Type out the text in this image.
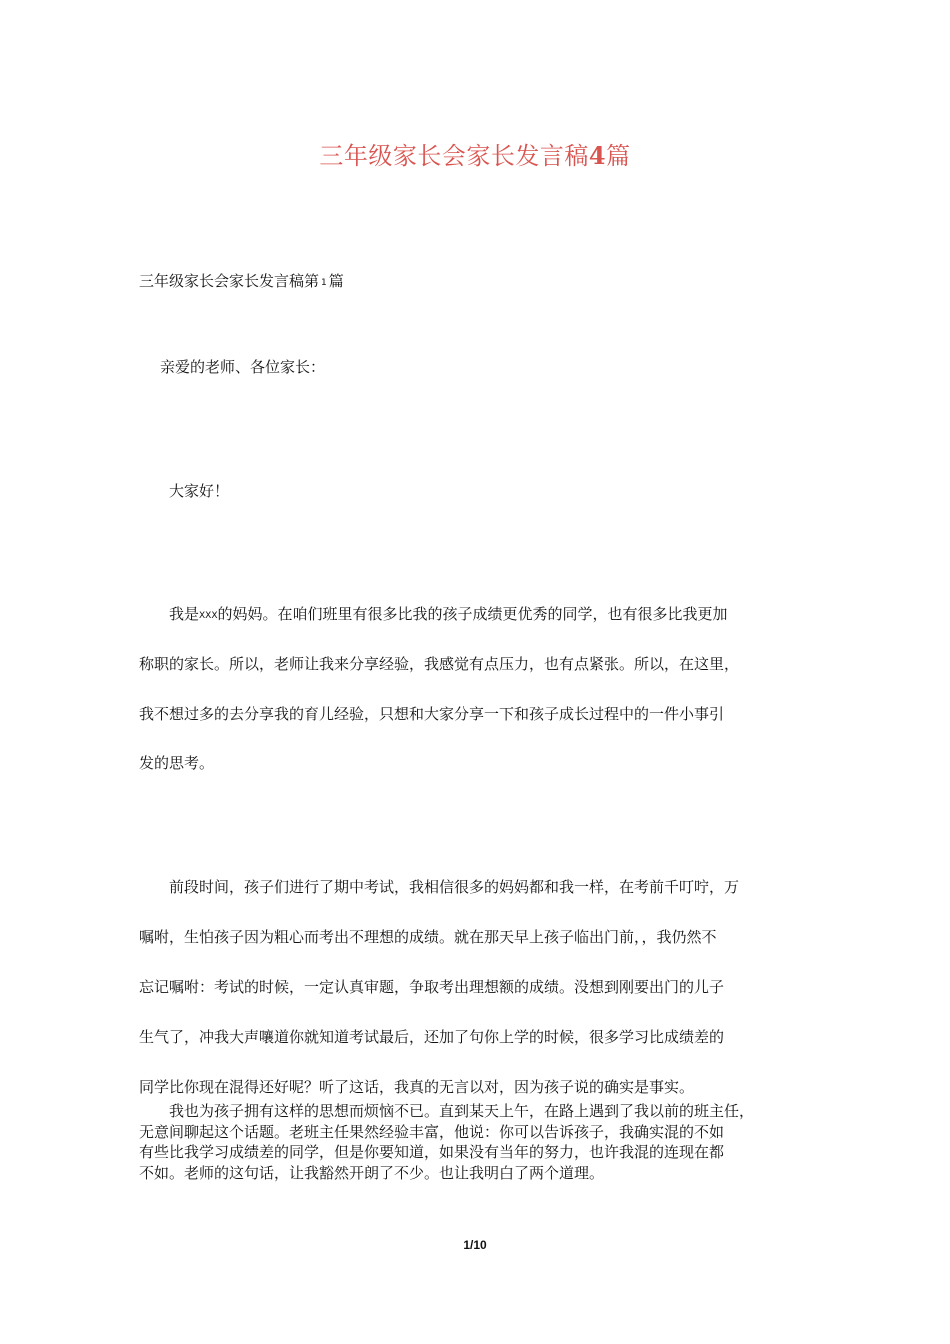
三年级家长会家长发言稿4篇
三年级家长会家长发言稿第 1 篇
亲爱的老师、各位家长：
大家好！
我是XXX的妈妈。在咱们班里有很多比我的孩子成绩更优秀的同学，也有很多比我更加
称职的家长。所以，老师让我来分享经验，我感觉有点压力，也有点紧张。所以，在这里，
我不想过多的去分享我的育儿经验，只想和大家分享一下和孩子成长过程中的一件小事引
发的思考。
前段时间，孩子们进行了期中考试，我相信很多的妈妈都和我一样，在考前千叮咛，万
嘱咐，生怕孩子因为粗心而考出不理想的成绩。就在那天早上孩子临出门前，，我仍然不
忘记嘱咐：考试的时候，一定认真审题，争取考出理想额的成绩。没想到刚要出门的儿子
生气了，冲我大声嚷道你就知道考试最后，还加了句你上学的时候，很多学习比成绩差的
同学比你现在混得还好呢？听了这话，我真的无言以对，因为孩子说的确实是事实。
我也为孩子拥有这样的思想而烦恼不已。直到某天上午，在路上遇到了我以前的班主任，
无意间聊起这个话题。老班主任果然经验丰富，他说：你可以告诉孩子，我确实混的不如
有些比我学习成绩差的同学，但是你要知道，如果没有当年的努力，也许我混的连现在都
不如。老师的这句话，让我豁然开朗了不少。也让我明白了两个道理。
1/10
